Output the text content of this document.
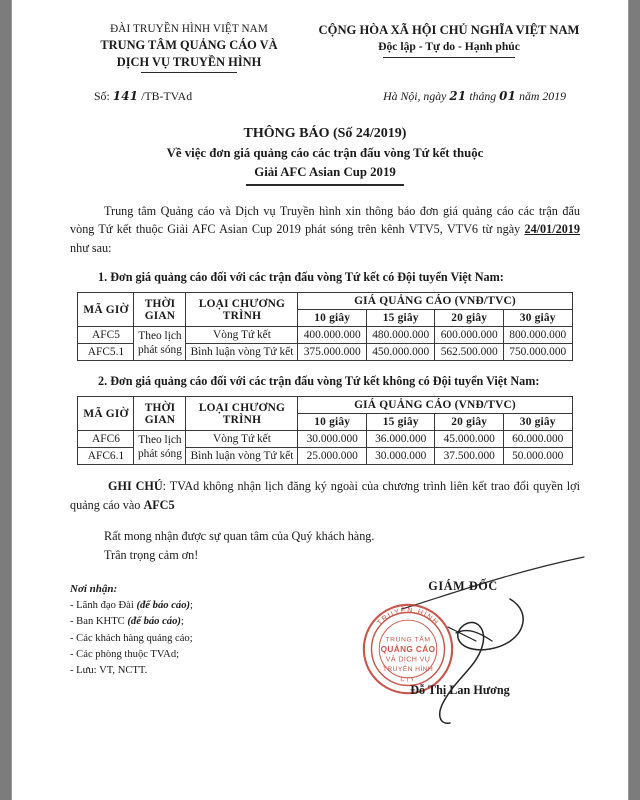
ĐÀI TRUYỀN HÌNH VIỆT NAM
TRUNG TÂM QUẢNG CÁO VÀ
DỊCH VỤ TRUYỀN HÌNH
CỘNG HÒA XÃ HỘI CHỦ NGHĨA VIỆT NAM
Độc lập - Tự do - Hạnh phúc
Số: 141 /TB-TVAd	Hà Nội, ngày 21 tháng 01 năm 2019
THÔNG BÁO (Số 24/2019)
Về việc đơn giá quảng cáo các trận đấu vòng Tứ kết thuộc
Giải AFC Asian Cup 2019

Trung tâm Quảng cáo và Dịch vụ Truyền hình xin thông báo đơn giá quảng cáo các trận đấu vòng Tứ kết thuộc Giải AFC Asian Cup 2019 phát sóng trên kênh VTV5, VTV6 từ ngày 24/01/2019 như sau:

1. Đơn giá quảng cáo đối với các trận đấu vòng Tứ kết có Đội tuyển Việt Nam:
MÃ GIỜ	THỜI GIAN	LOẠI CHƯƠNG TRÌNH	GIÁ QUẢNG CÁO (VNĐ/TVC)			
			10 giây	15 giây	20 giây	30 giây
AFC5	Theo lịch phát sóng	Vòng Tứ kết	400.000.000	480.000.000	600.000.000	800.000.000
AFC5.1		Bình luận vòng Tứ kết	375.000.000	450.000.000	562.500.000	750.000.000
2. Đơn giá quảng cáo đối với các trận đấu vòng Tứ kết không có Đội tuyển Việt Nam:
MÃ GIỜ	THỜI GIAN	LOẠI CHƯƠNG TRÌNH	GIÁ QUẢNG CÁO (VNĐ/TVC)			
			10 giây	15 giây	20 giây	30 giây
AFC6	Theo lịch phát sóng	Vòng Tứ kết	30.000.000	36.000.000	45.000.000	60.000.000
AFC6.1		Bình luận vòng Tứ kết	25.000.000	30.000.000	37.500.000	50.000.000

GHI CHÚ: TVAd không nhận lịch đăng ký ngoài của chương trình liên kết trao đổi quyền lợi quảng cáo vào AFC5

Rất mong nhận được sự quan tâm của Quý khách hàng.
Trân trọng cảm ơn!
Nơi nhận:
- Lãnh đạo Đài (để báo cáo);
- Ban KHTC (để báo cáo);
- Các khách hàng quảng cáo;
- Các phòng thuộc TVAd;
- Lưu: VT, NCTT.
GIÁM ĐỐC
TRUYỀN HÌNH
CTY
TRUNG TÂM
QUẢNG CÁO
VÀ DỊCH VỤ
TRUYỀN HÌNH
Đỗ Thị Lan Hương
